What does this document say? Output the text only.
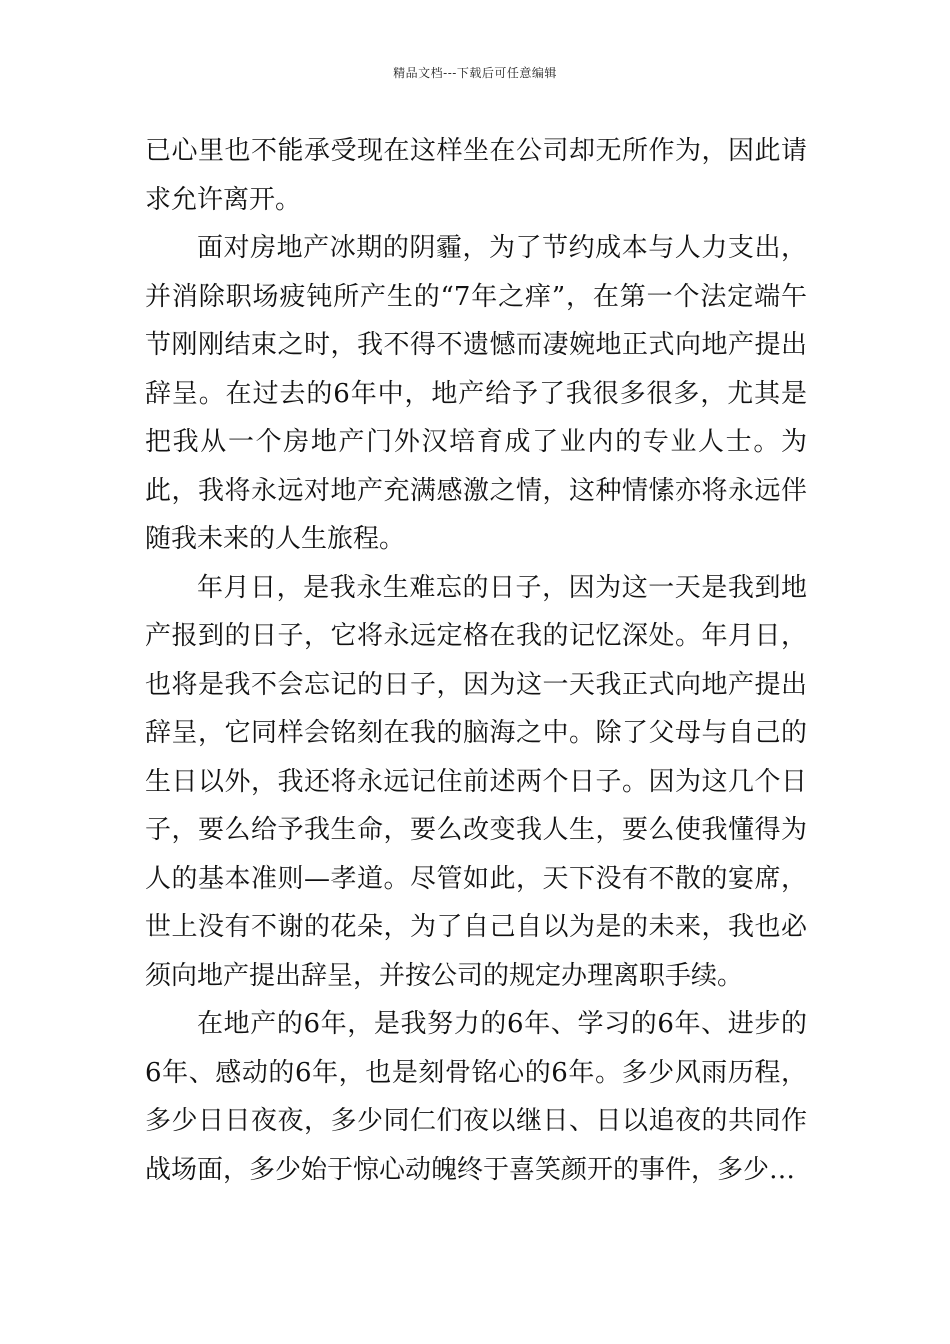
精品文档---下载后可任意编辑

已心里也不能承受现在这样坐在公司却无所作为，因此请求允许离开。

面对房地产冰期的阴霾，为了节约成本与人力支出，并消除职场疲钝所产生的“7年之痒”，在第一个法定端午节刚刚结束之时，我不得不遗憾而凄婉地正式向地产提出辞呈。在过去的6年中，地产给予了我很多很多，尤其是把我从一个房地产门外汉培育成了业内的专业人士。为此，我将永远对地产充满感激之情，这种情愫亦将永远伴随我未来的人生旅程。

年月日，是我永生难忘的日子，因为这一天是我到地产报到的日子，它将永远定格在我的记忆深处。年月日，也将是我不会忘记的日子，因为这一天我正式向地产提出辞呈，它同样会铭刻在我的脑海之中。除了父母与自己的生日以外，我还将永远记住前述两个日子。因为这几个日子，要么给予我生命，要么改变我人生，要么使我懂得为人的基本准则—孝道。尽管如此，天下没有不散的宴席，世上没有不谢的花朵，为了自己自以为是的未来，我也必须向地产提出辞呈，并按公司的规定办理离职手续。

在地产的6年，是我努力的6年、学习的6年、进步的6年、感动的6年，也是刻骨铭心的6年。多少风雨历程，多少日日夜夜，多少同仁们夜以继日、日以追夜的共同作战场面，多少始于惊心动魄终于喜笑颜开的事件，多少…
